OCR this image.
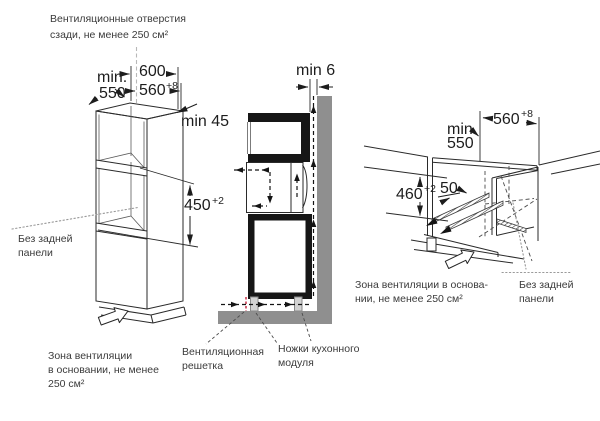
Вентиляционные отверстия
сзади, не менее 250 см²
min.
550
600
560 +8
min 45
450 +2
Без задней
панели
Зона вентиляции
в основании, не менее
250 см²
min 6
Вентиляционная
решетка
Ножки кухонного
модуля
560 +8
min.
550
460 +2 50
Зона вентиляции в основа-
нии, не менее 250 см²
Без задней
панели
